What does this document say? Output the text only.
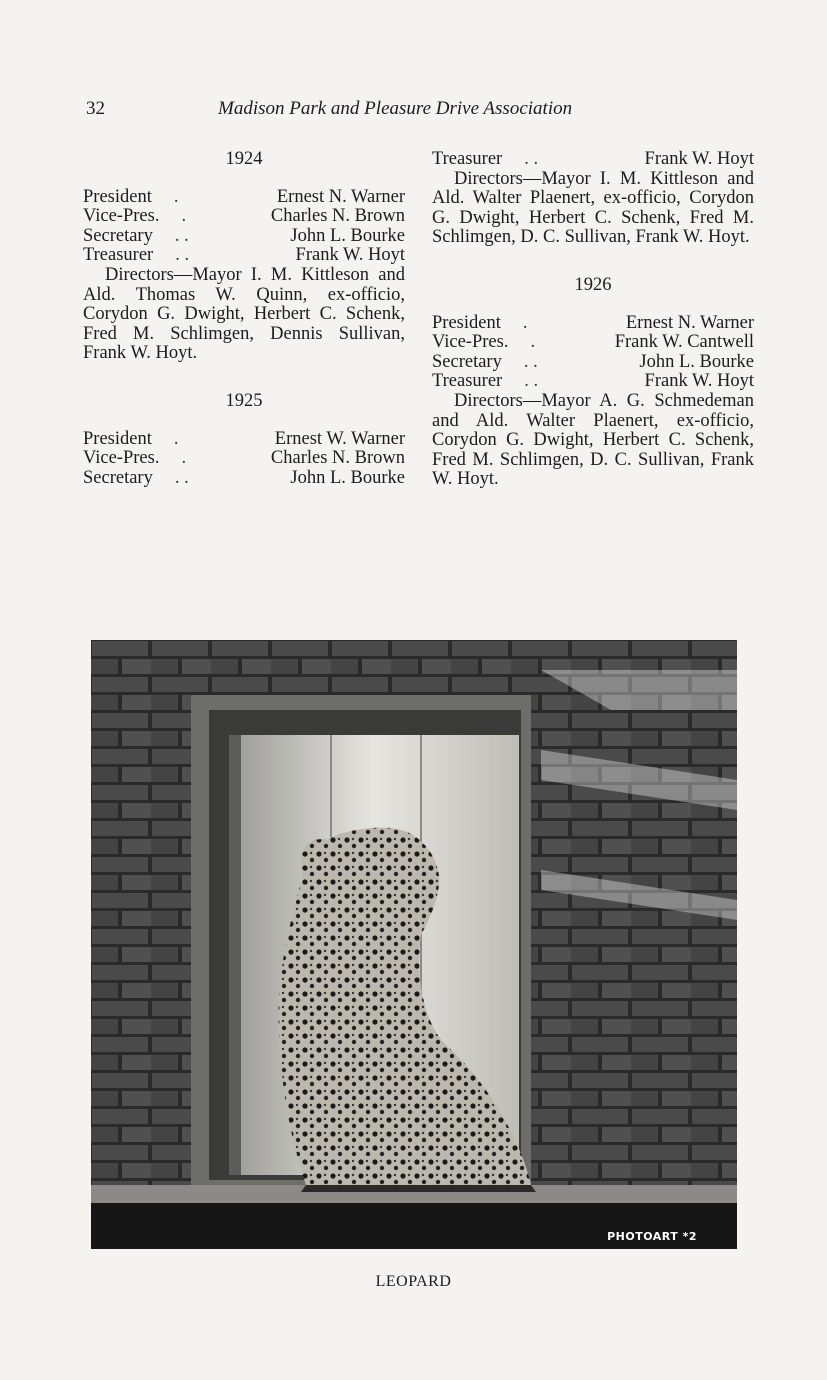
32	Madison Park and Pleasure Drive Association

1924

President	.	Ernest N. Warner
Vice-Pres.	.	Charles N. Brown
Secretary	. .	John L. Bourke
Treasurer	. .	Frank W. Hoyt

Directors—Mayor I. M. Kittleson and Ald. Thomas W. Quinn, ex-officio, Corydon G. Dwight, Herbert C. Schenk, Fred M. Schlimgen, Dennis Sullivan, Frank W. Hoyt.

1925

President	.	Ernest W. Warner
Vice-Pres.	.	Charles N. Brown
Secretary	. .	John L. Bourke
Treasurer	. .	Frank W. Hoyt

Directors—Mayor I. M. Kittleson and Ald. Walter Plaenert, ex-officio, Corydon G. Dwight, Herbert C. Schenk, Fred M. Schlimgen, D. C. Sullivan, Frank W. Hoyt.

1926

President	.	Ernest N. Warner
Vice-Pres.	.	Frank W. Cantwell
Secretary	. .	John L. Bourke
Treasurer	. .	Frank W. Hoyt

Directors—Mayor A. G. Schmedeman and Ald. Walter Plaenert, ex-officio, Corydon G. Dwight, Herbert C. Schenk, Fred M. Schlimgen, D. C. Sullivan, Frank W. Hoyt.

PHOTOART *2
LEOPARD
